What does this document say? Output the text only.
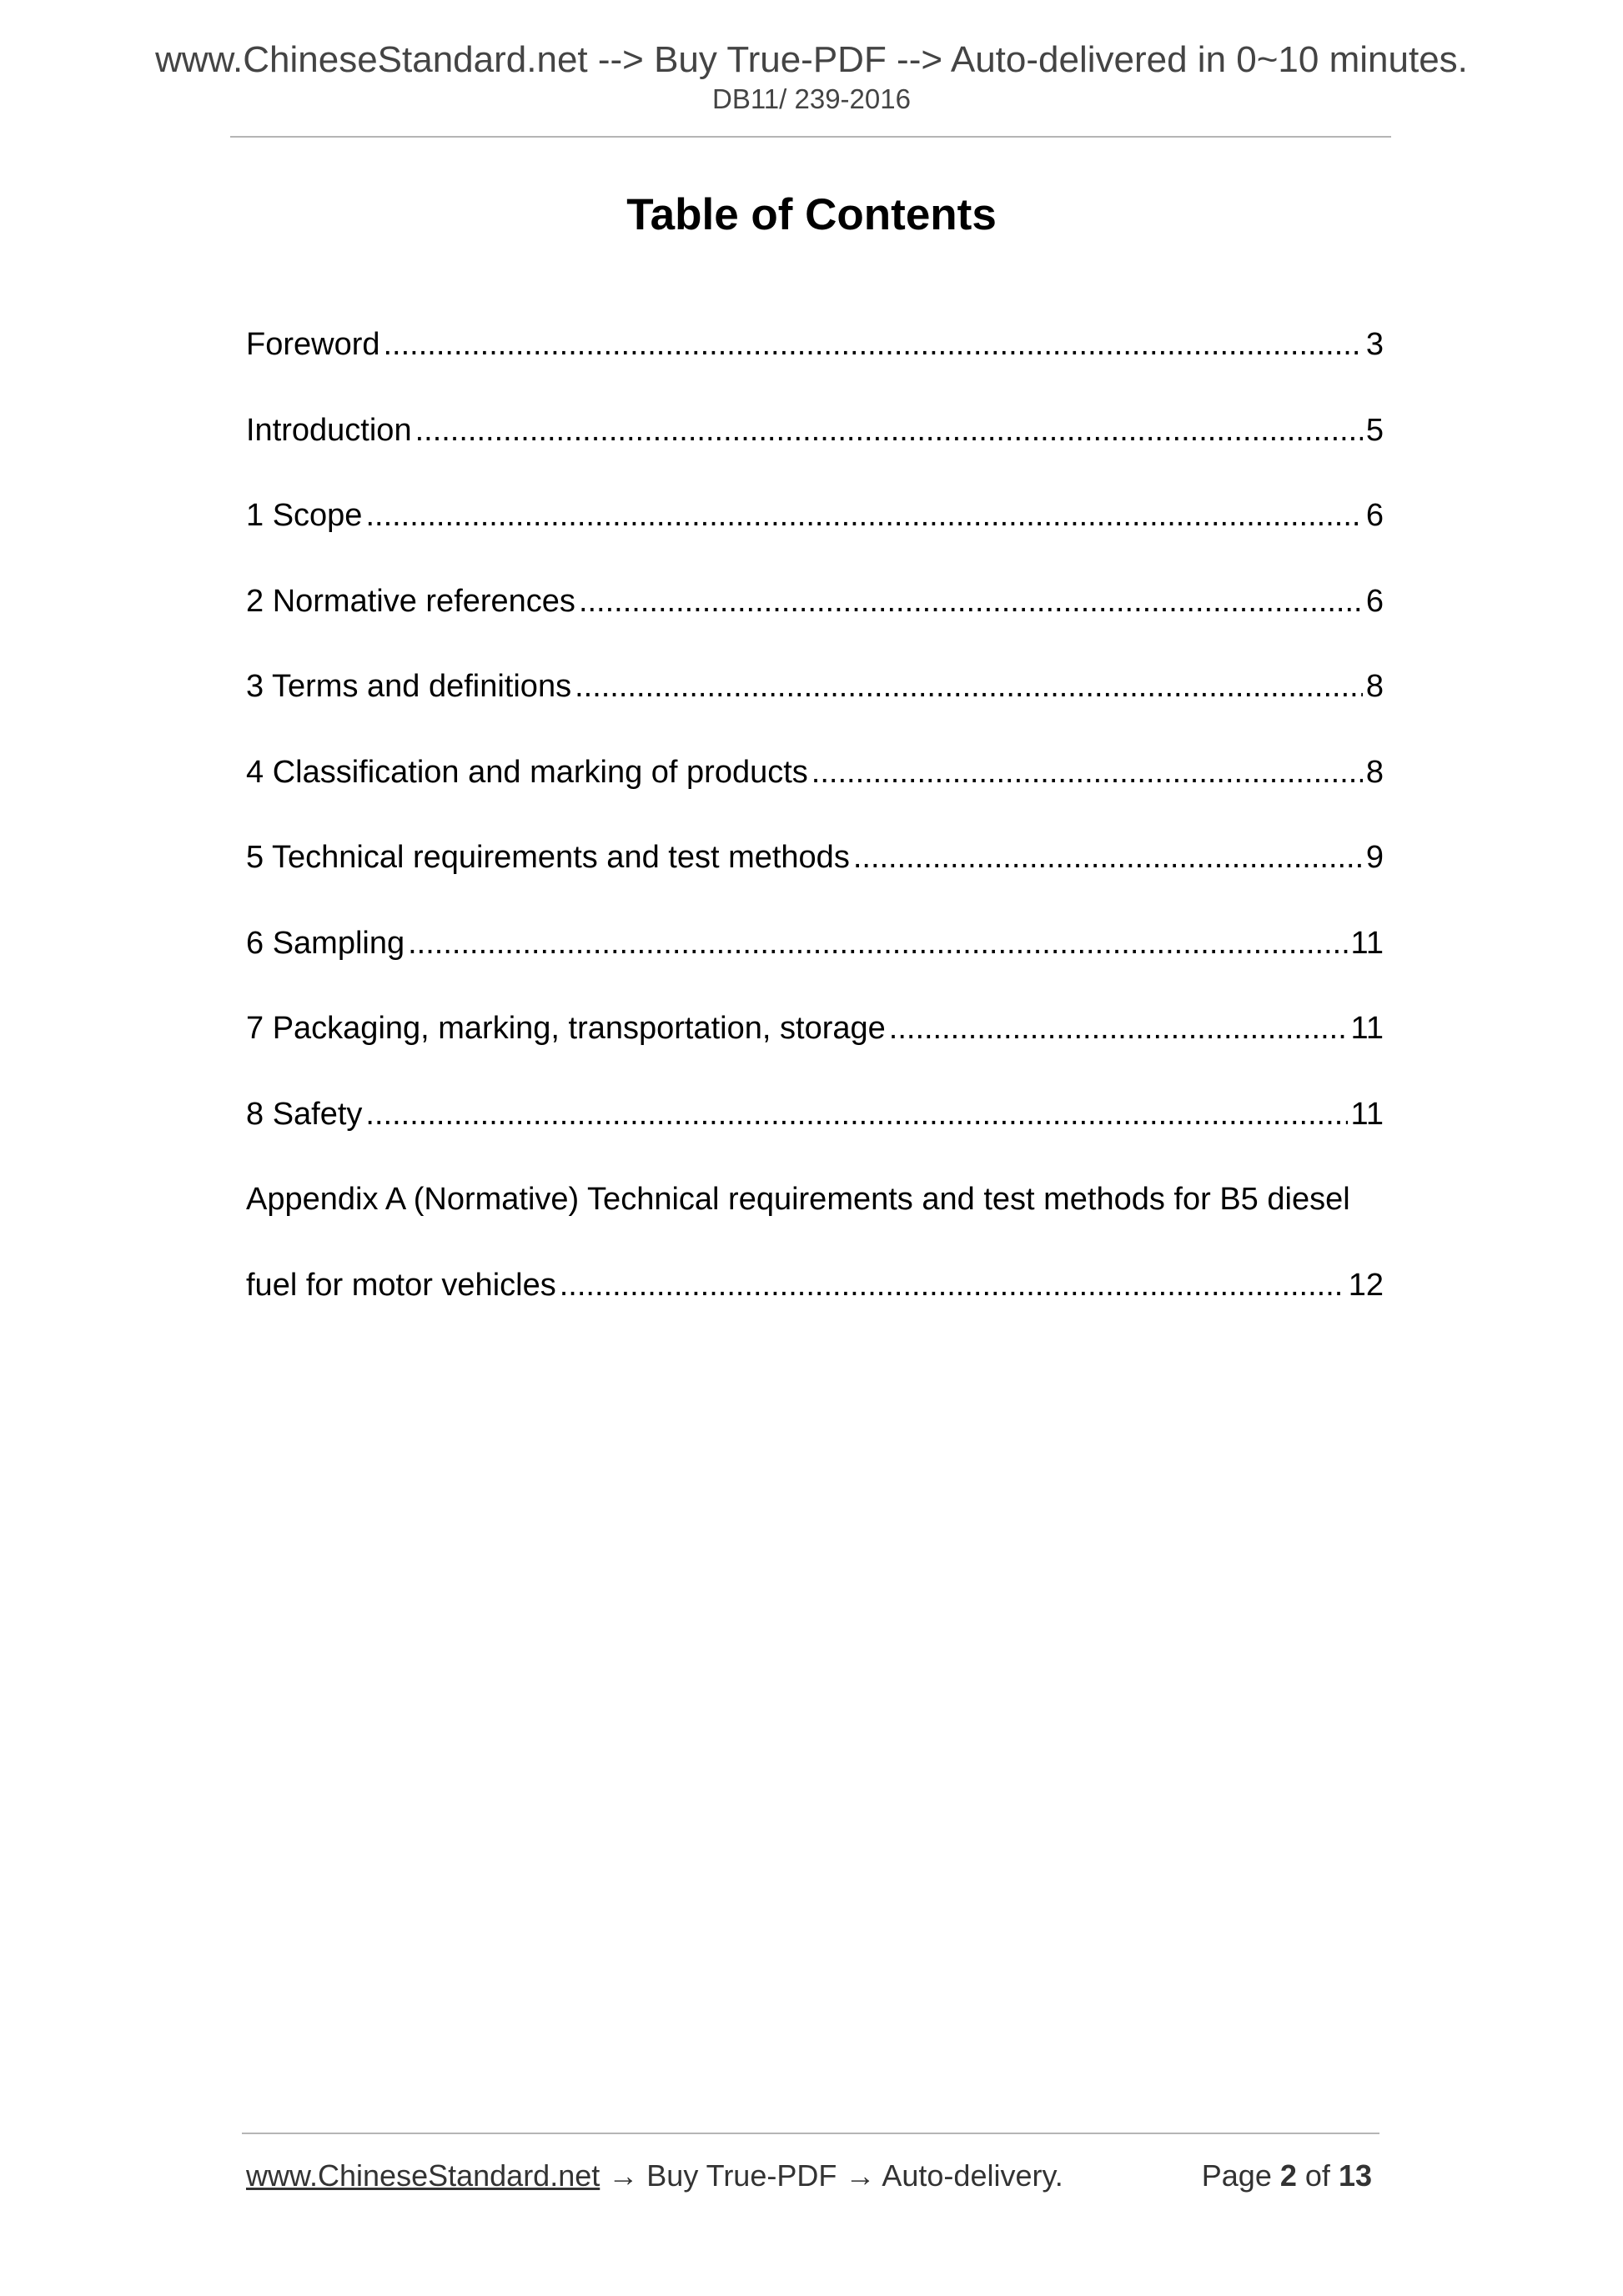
www.ChineseStandard.net --> Buy True-PDF --> Auto-delivered in 0~10 minutes.
DB11/ 239-2016
Table of Contents
Foreword .....	3
Introduction .....	5
1 Scope .....	6
2 Normative references .....	6
3 Terms and definitions .....	8
4 Classification and marking of products .....	8
5 Technical requirements and test methods .....	9
6 Sampling .....	11
7 Packaging, marking, transportation, storage .....	11
8 Safety .....	11
Appendix A (Normative) Technical requirements and test methods for B5 diesel
fuel for motor vehicles .....	12
www.ChineseStandard.net → Buy True-PDF → Auto-delivery.	Page 2 of 13
